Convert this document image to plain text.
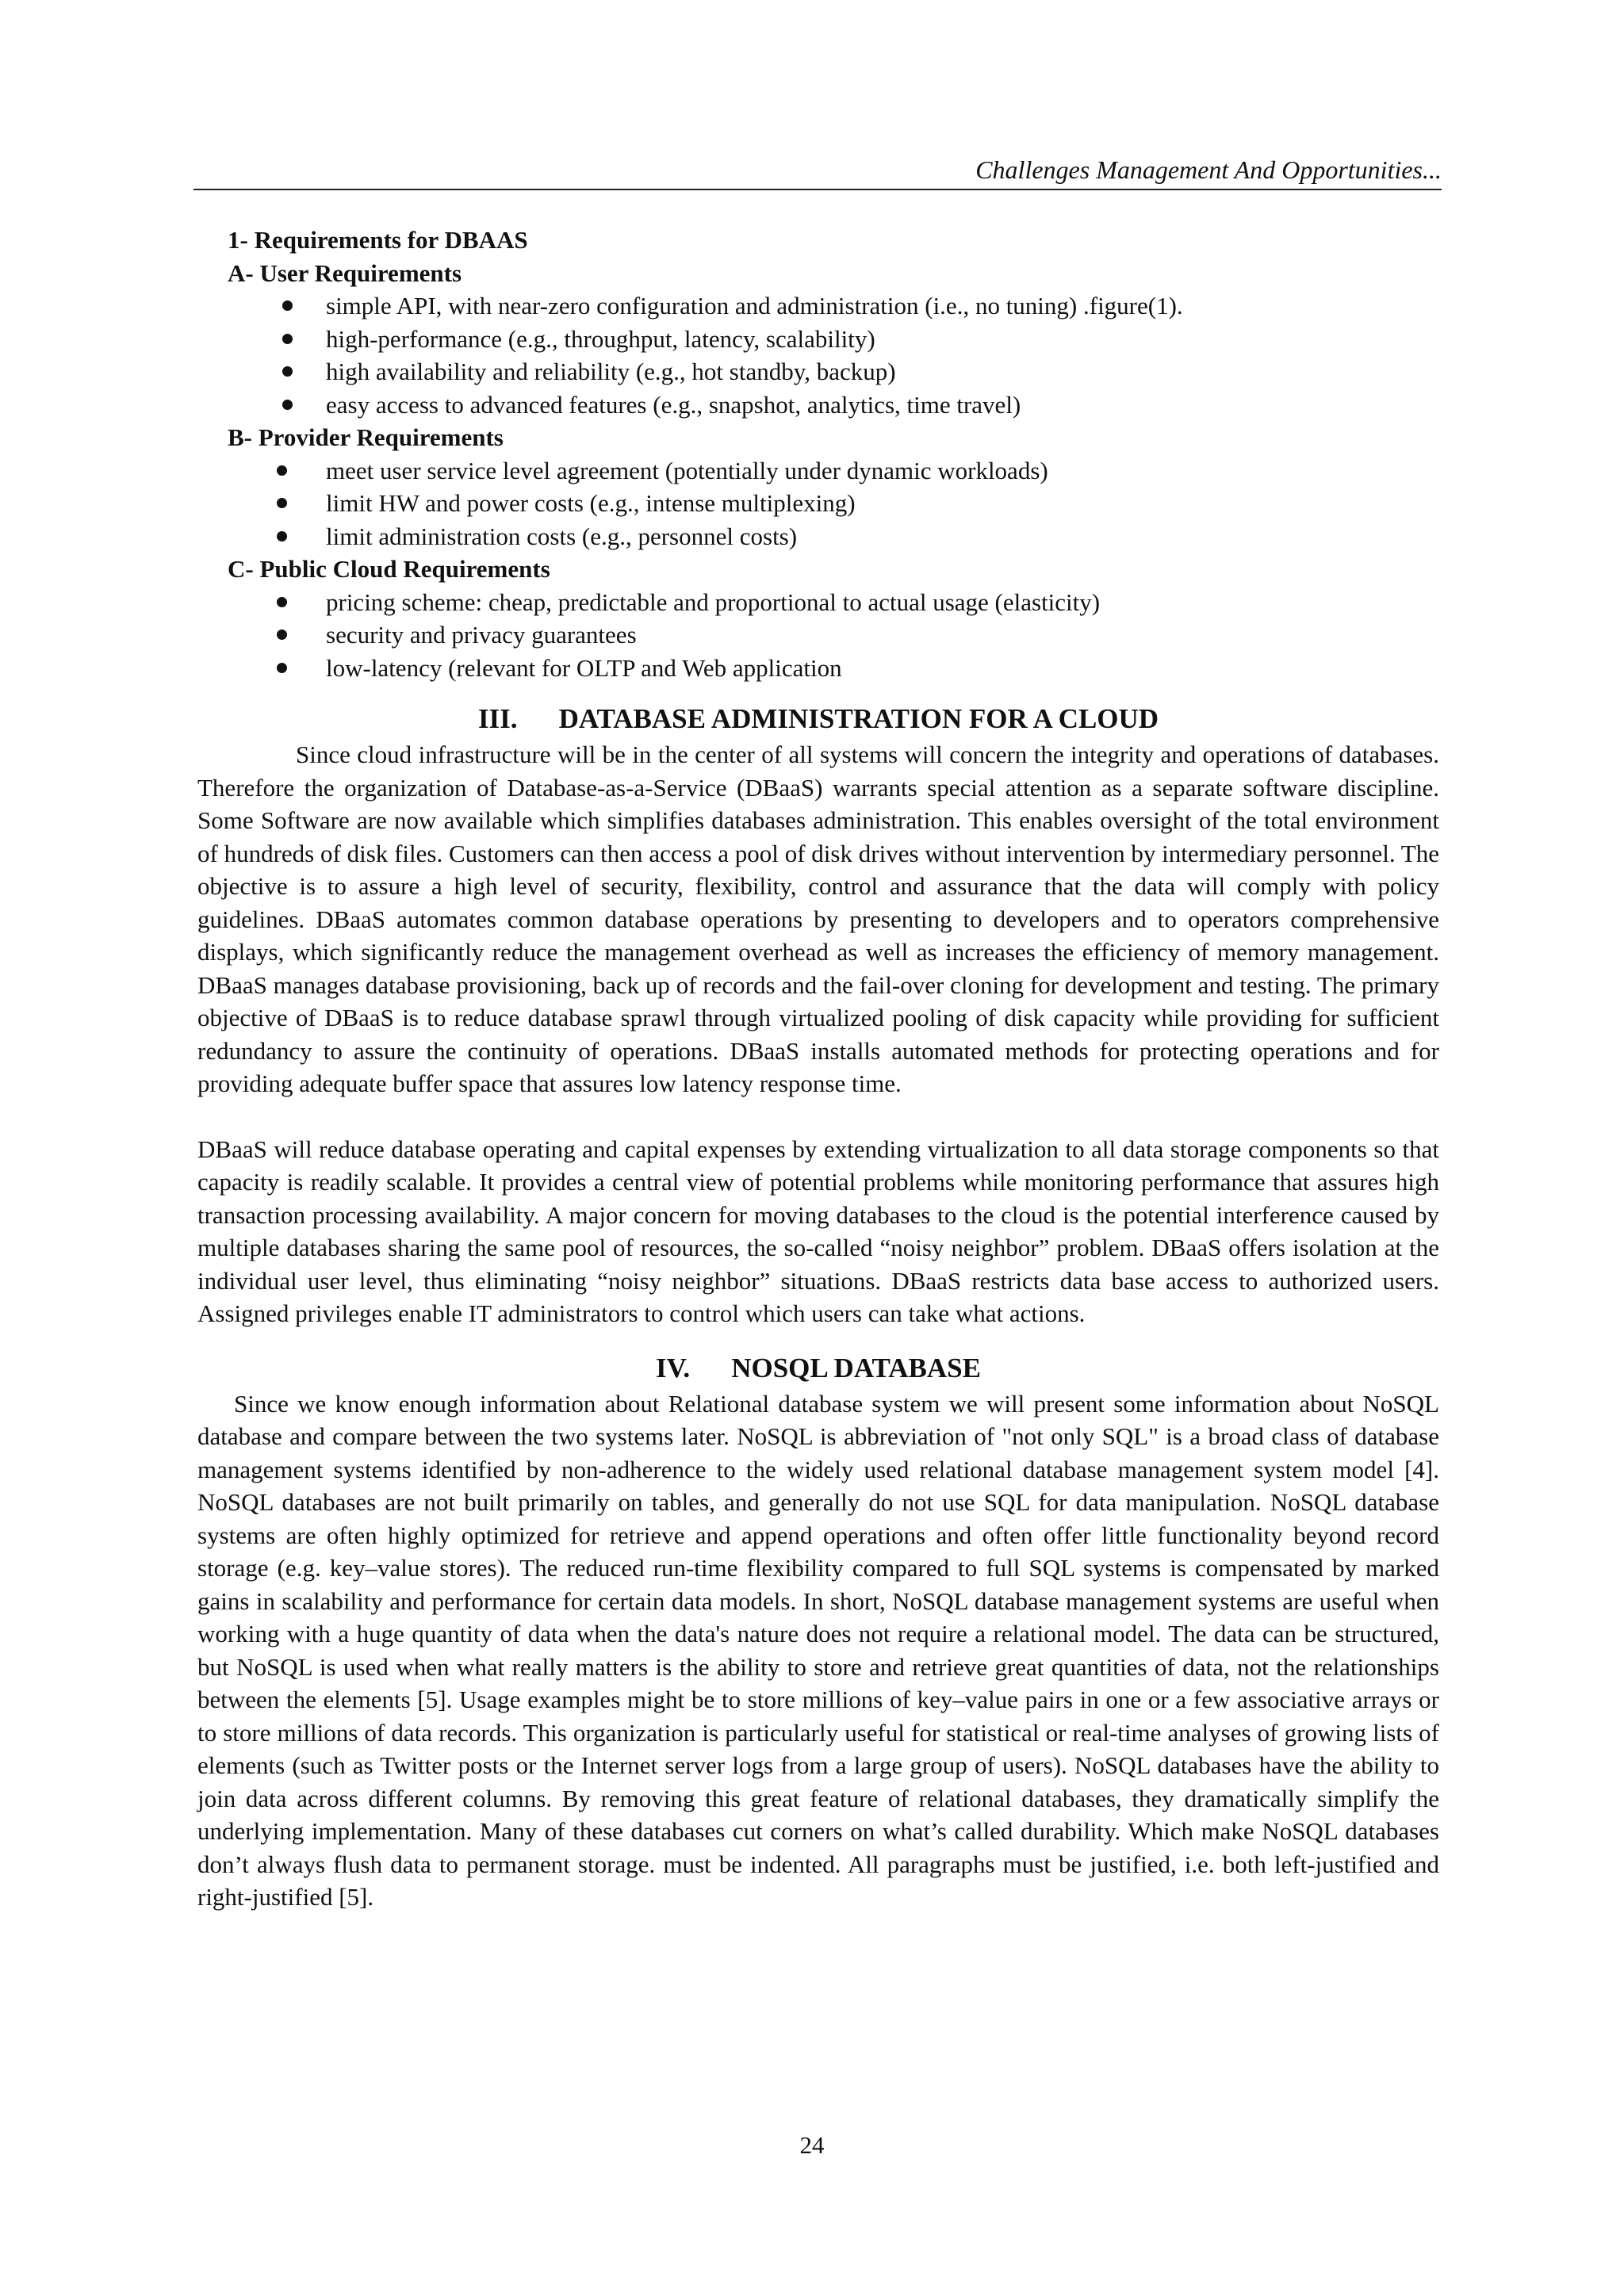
Challenges Management And Opportunities...
1- Requirements for DBAAS
A- User Requirements
simple API, with near-zero configuration and administration (i.e., no tuning) .figure(1).
high-performance (e.g., throughput, latency, scalability)
high availability and reliability (e.g., hot standby, backup)
easy access to advanced features (e.g., snapshot, analytics, time travel)
B- Provider Requirements
meet user service level agreement (potentially under dynamic workloads)
limit HW and power costs (e.g., intense multiplexing)
limit administration costs (e.g., personnel costs)
C- Public Cloud Requirements
pricing scheme: cheap, predictable and proportional to actual usage (elasticity)
security and privacy guarantees
low-latency (relevant for OLTP and Web application
III. DATABASE ADMINISTRATION FOR A CLOUD

Since cloud infrastructure will be in the center of all systems will concern the integrity and operations of databases. Therefore the organization of Database-as-a-Service (DBaaS) warrants special attention as a separate software discipline. Some Software are now available which simplifies databases administration. This enables oversight of the total environment of hundreds of disk files. Customers can then access a pool of disk drives without intervention by intermediary personnel. The objective is to assure a high level of security, flexibility, control and assurance that the data will comply with policy guidelines. DBaaS automates common database operations by presenting to developers and to operators comprehensive displays, which significantly reduce the management overhead as well as increases the efficiency of memory management. DBaaS manages database provisioning, back up of records and the fail-over cloning for development and testing. The primary objective of DBaaS is to reduce database sprawl through virtualized pooling of disk capacity while providing for sufficient redundancy to assure the continuity of operations. DBaaS installs automated methods for protecting operations and for providing adequate buffer space that assures low latency response time.

DBaaS will reduce database operating and capital expenses by extending virtualization to all data storage components so that capacity is readily scalable. It provides a central view of potential problems while monitoring performance that assures high transaction processing availability. A major concern for moving databases to the cloud is the potential interference caused by multiple databases sharing the same pool of resources, the so-called “noisy neighbor” problem. DBaaS offers isolation at the individual user level, thus eliminating “noisy neighbor” situations. DBaaS restricts data base access to authorized users. Assigned privileges enable IT administrators to control which users can take what actions.

IV. NOSQL DATABASE

Since we know enough information about Relational database system we will present some information about NoSQL database and compare between the two systems later. NoSQL is abbreviation of "not only SQL" is a broad class of database management systems identified by non-adherence to the widely used relational database management system model [4]. NoSQL databases are not built primarily on tables, and generally do not use SQL for data manipulation. NoSQL database systems are often highly optimized for retrieve and append operations and often offer little functionality beyond record storage (e.g. key–value stores). The reduced run-time flexibility compared to full SQL systems is compensated by marked gains in scalability and performance for certain data models. In short, NoSQL database management systems are useful when working with a huge quantity of data when the data's nature does not require a relational model. The data can be structured, but NoSQL is used when what really matters is the ability to store and retrieve great quantities of data, not the relationships between the elements [5]. Usage examples might be to store millions of key–value pairs in one or a few associative arrays or to store millions of data records. This organization is particularly useful for statistical or real-time analyses of growing lists of elements (such as Twitter posts or the Internet server logs from a large group of users). NoSQL databases have the ability to join data across different columns. By removing this great feature of relational databases, they dramatically simplify the underlying implementation. Many of these databases cut corners on what’s called durability. Which make NoSQL databases don’t always flush data to permanent storage. must be indented. All paragraphs must be justified, i.e. both left-justified and right-justified [5].

24
